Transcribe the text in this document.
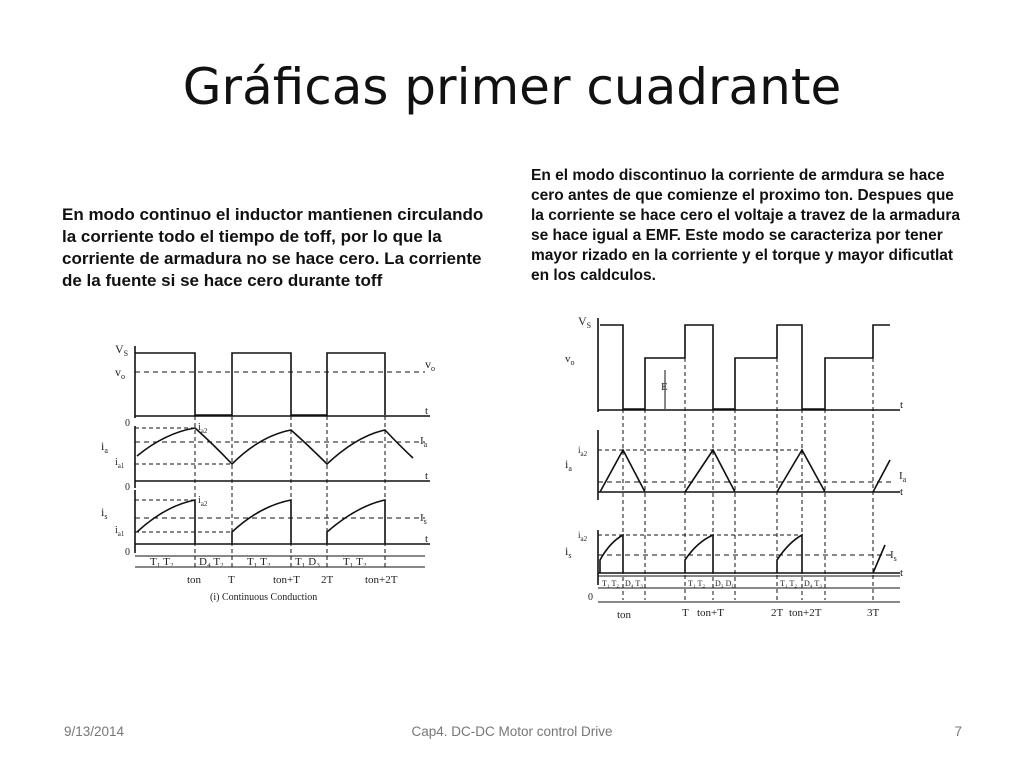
Gráficas primer cuadrante
En modo continuo el inductor mantienen circulando la corriente todo el tiempo de toff, por lo que la corriente de armadura no se hace cero. La corriente de la fuente si se hace cero durante toff
En el modo discontinuo la corriente de armdura se hace cero antes de que comienze el proximo ton. Despues que la corriente se hace cero el voltaje a travez de la armadura se hace igual a EMF. Este modo se caracteriza por tener mayor rizado en la corriente y el torque y mayor dificutlat en los caldculos.
$V_S$
$v_o$
$v_o$
t
0
$i_a$
$i_{a2}$
$i_{a1}$
$I_a$
t
0
$i_s$
$i_{a2}$
$i_{a1}$
$I_s$
t
0
T₁ T₂ D₄ T₂ T₁ T₂ T₁ D₃ T₁ T₂
ton T	ton+T 2T	ton+2T
(i) Continuous Conduction
$V_S$
$v_o$
E
t
$i_a$
$i_{a2}$
$I_a$
t
$i_s$
$i_{a2}$
$I_s$
t
0
T₁ T₂ D₄ T₃	T₁ T₂ D₃ D₁	T₁ T₂ D₄ T₃
ton	T ton+T	2T ton+2T	3T
9/13/2014	Cap4. DC-DC Motor control Drive	7
